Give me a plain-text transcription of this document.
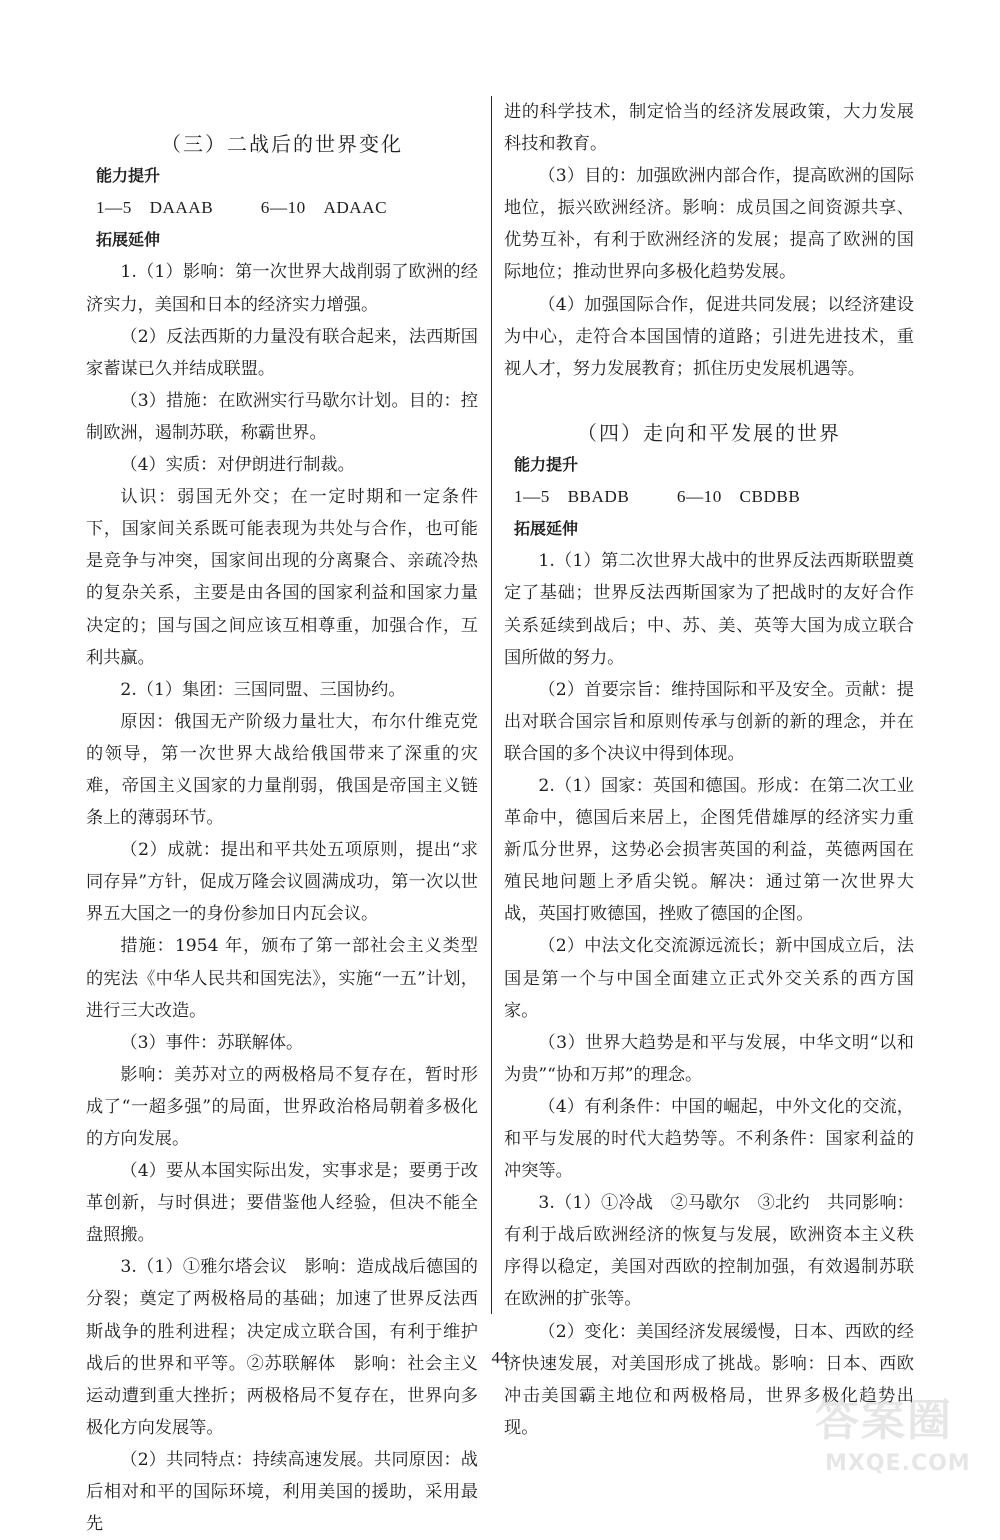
（三）二战后的世界变化
能力提升
1—5　DAAAB	6—10　ADAAC
拓展延伸

1.（1）影响：第一次世界大战削弱了欧洲的经济实力，美国和日本的经济实力增强。

（2）反法西斯的力量没有联合起来，法西斯国家蓄谋已久并结成联盟。

（3）措施：在欧洲实行马歇尔计划。目的：控制欧洲，遏制苏联，称霸世界。

（4）实质：对伊朗进行制裁。

认识：弱国无外交；在一定时期和一定条件下，国家间关系既可能表现为共处与合作，也可能是竞争与冲突，国家间出现的分离聚合、亲疏冷热的复杂关系，主要是由各国的国家利益和国家力量决定的；国与国之间应该互相尊重，加强合作，互利共赢。

2.（1）集团：三国同盟、三国协约。

原因：俄国无产阶级力量壮大，布尔什维克党的领导，第一次世界大战给俄国带来了深重的灾难，帝国主义国家的力量削弱，俄国是帝国主义链条上的薄弱环节。

（2）成就：提出和平共处五项原则，提出“求同存异”方针，促成万隆会议圆满成功，第一次以世界五大国之一的身份参加日内瓦会议。

措施：1954 年，颁布了第一部社会主义类型的宪法《中华人民共和国宪法》，实施“一五”计划，进行三大改造。

（3）事件：苏联解体。

影响：美苏对立的两极格局不复存在，暂时形成了“一超多强”的局面，世界政治格局朝着多极化的方向发展。

（4）要从本国实际出发，实事求是；要勇于改革创新，与时俱进；要借鉴他人经验，但决不能全盘照搬。

3.（1）①雅尔塔会议　影响：造成战后德国的分裂；奠定了两极格局的基础；加速了世界反法西斯战争的胜利进程；决定成立联合国，有利于维护战后的世界和平等。②苏联解体　影响：社会主义运动遭到重大挫折；两极格局不复存在，世界向多极化方向发展等。

（2）共同特点：持续高速发展。共同原因：战后相对和平的国际环境，利用美国的援助，采用最先

进的科学技术，制定恰当的经济发展政策，大力发展科技和教育。

（3）目的：加强欧洲内部合作，提高欧洲的国际地位，振兴欧洲经济。影响：成员国之间资源共享、优势互补，有利于欧洲经济的发展；提高了欧洲的国际地位；推动世界向多极化趋势发展。

（4）加强国际合作，促进共同发展；以经济建设为中心，走符合本国国情的道路；引进先进技术，重视人才，努力发展教育；抓住历史发展机遇等。

（四）走向和平发展的世界
能力提升
1—5　BBADB	6—10　CBDBB
拓展延伸

1.（1）第二次世界大战中的世界反法西斯联盟奠定了基础；世界反法西斯国家为了把战时的友好合作关系延续到战后；中、苏、美、英等大国为成立联合国所做的努力。

（2）首要宗旨：维持国际和平及安全。贡献：提出对联合国宗旨和原则传承与创新的新的理念，并在联合国的多个决议中得到体现。

2.（1）国家：英国和德国。形成：在第二次工业革命中，德国后来居上，企图凭借雄厚的经济实力重新瓜分世界，这势必会损害英国的利益，英德两国在殖民地问题上矛盾尖锐。解决：通过第一次世界大战，英国打败德国，挫败了德国的企图。

（2）中法文化交流源远流长；新中国成立后，法国是第一个与中国全面建立正式外交关系的西方国家。

（3）世界大趋势是和平与发展，中华文明“以和为贵”“协和万邦”的理念。

（4）有利条件：中国的崛起，中外文化的交流，和平与发展的时代大趋势等。不利条件：国家利益的冲突等。

3.（1）①冷战　②马歇尔　③北约　共同影响：有利于战后欧洲经济的恢复与发展，欧洲资本主义秩序得以稳定，美国对西欧的控制加强，有效遏制苏联在欧洲的扩张等。

（2）变化：美国经济发展缓慢，日本、西欧的经济快速发展，对美国形成了挑战。影响：日本、西欧冲击美国霸主地位和两极格局，世界多极化趋势出现。

44
答案圈
MXQE.COM
